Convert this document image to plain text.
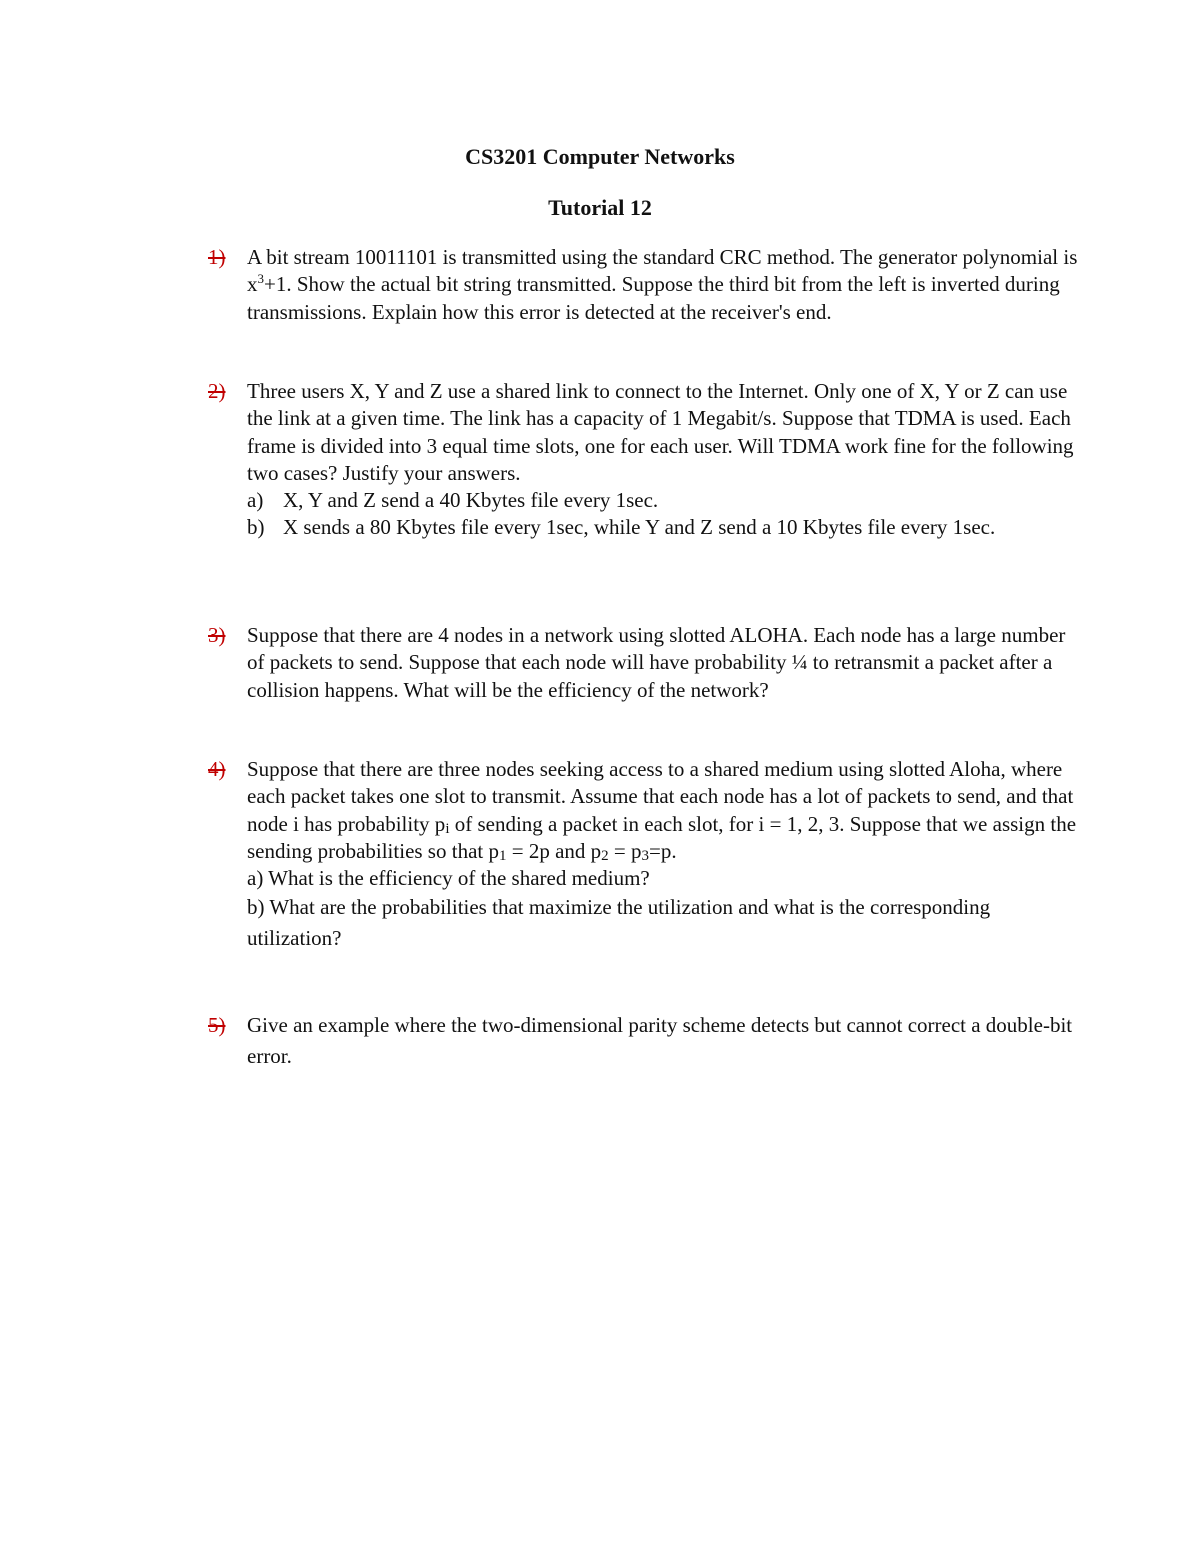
CS3201 Computer Networks
Tutorial 12
1)	A bit stream 10011101 is transmitted using the standard CRC method. The generator polynomial is $x^3+1$. Show the actual bit string transmitted. Suppose the third bit from the left is inverted during transmissions. Explain how this error is detected at the receiver's end.
2)	Three users X, Y and Z use a shared link to connect to the Internet. Only one of X, Y or Z can use the link at a given time. The link has a capacity of 1 Megabit/s. Suppose that TDMA is used. Each frame is divided into 3 equal time slots, one for each user. Will TDMA work fine for the following two cases? Justify your answers.

a) X, Y and Z send a 40 Kbytes file every 1sec.
b) X sends a 80 Kbytes file every 1sec, while Y and Z send a 10 Kbytes file every 1sec.
3)	Suppose that there are 4 nodes in a network using slotted ALOHA. Each node has a large number of packets to send. Suppose that each node will have probability ¼ to retransmit a packet after a collision happens. What will be the efficiency of the network?

4)	Suppose that there are three nodes seeking access to a shared medium using slotted Aloha, where each packet takes one slot to transmit. Assume that each node has a lot of packets to send, and that node i has probability pi of sending a packet in each slot, for i = 1, 2, 3. Suppose that we assign the sending probabilities so that p1 = 2p and p2 = p3=p.

a) What is the efficiency of the shared medium?

b) What are the probabilities that maximize the utilization and what is the corresponding utilization?

5)	Give an example where the two-dimensional parity scheme detects but cannot correct a double-bit error.
